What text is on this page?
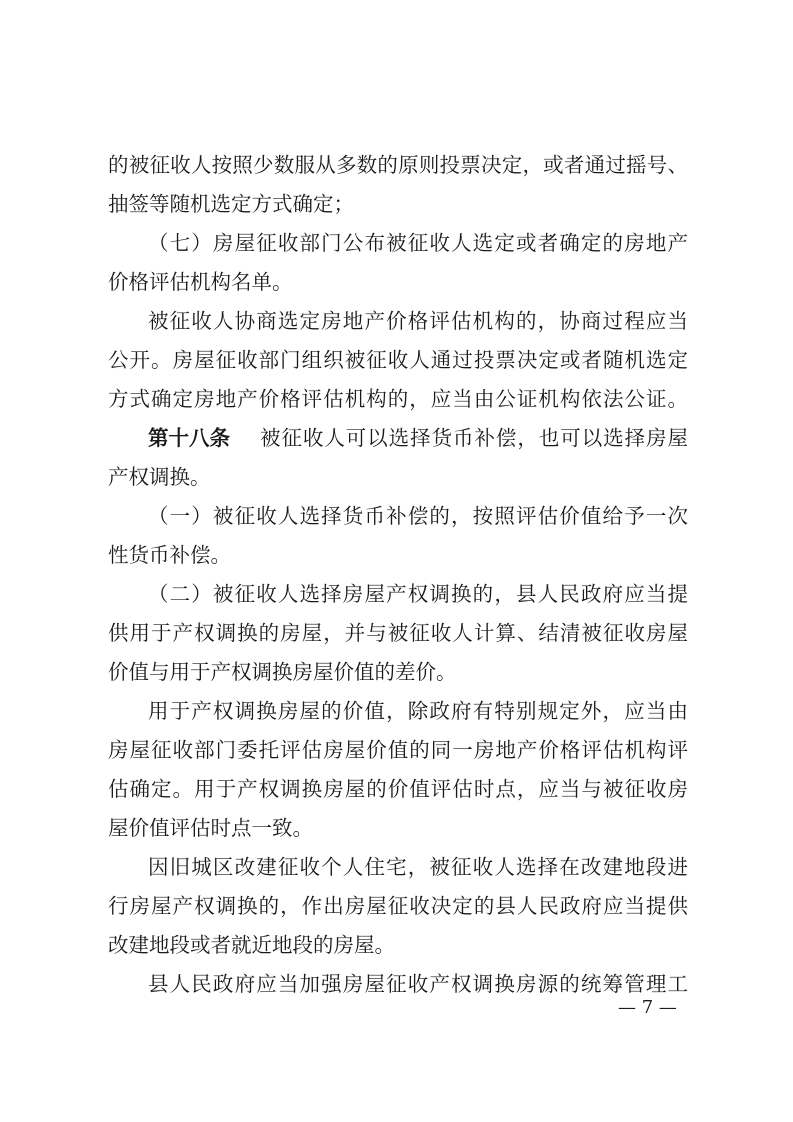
的被征收人按照少数服从多数的原则投票决定，或者通过摇号、
抽签等随机选定方式确定；
（七）房屋征收部门公布被征收人选定或者确定的房地产
价格评估机构名单。
被征收人协商选定房地产价格评估机构的，协商过程应当
公开。房屋征收部门组织被征收人通过投票决定或者随机选定
方式确定房地产价格评估机构的，应当由公证机构依法公证。
第十八条	被征收人可以选择货币补偿，也可以选择房屋
产权调换。
（一）被征收人选择货币补偿的，按照评估价值给予一次
性货币补偿。
（二）被征收人选择房屋产权调换的，县人民政府应当提
供用于产权调换的房屋，并与被征收人计算、结清被征收房屋
价值与用于产权调换房屋价值的差价。
用于产权调换房屋的价值，除政府有特别规定外，应当由
房屋征收部门委托评估房屋价值的同一房地产价格评估机构评
估确定。用于产权调换房屋的价值评估时点，应当与被征收房
屋价值评估时点一致。
因旧城区改建征收个人住宅，被征收人选择在改建地段进
行房屋产权调换的，作出房屋征收决定的县人民政府应当提供
改建地段或者就近地段的房屋。
县人民政府应当加强房屋征收产权调换房源的统筹管理工
— 7 —
